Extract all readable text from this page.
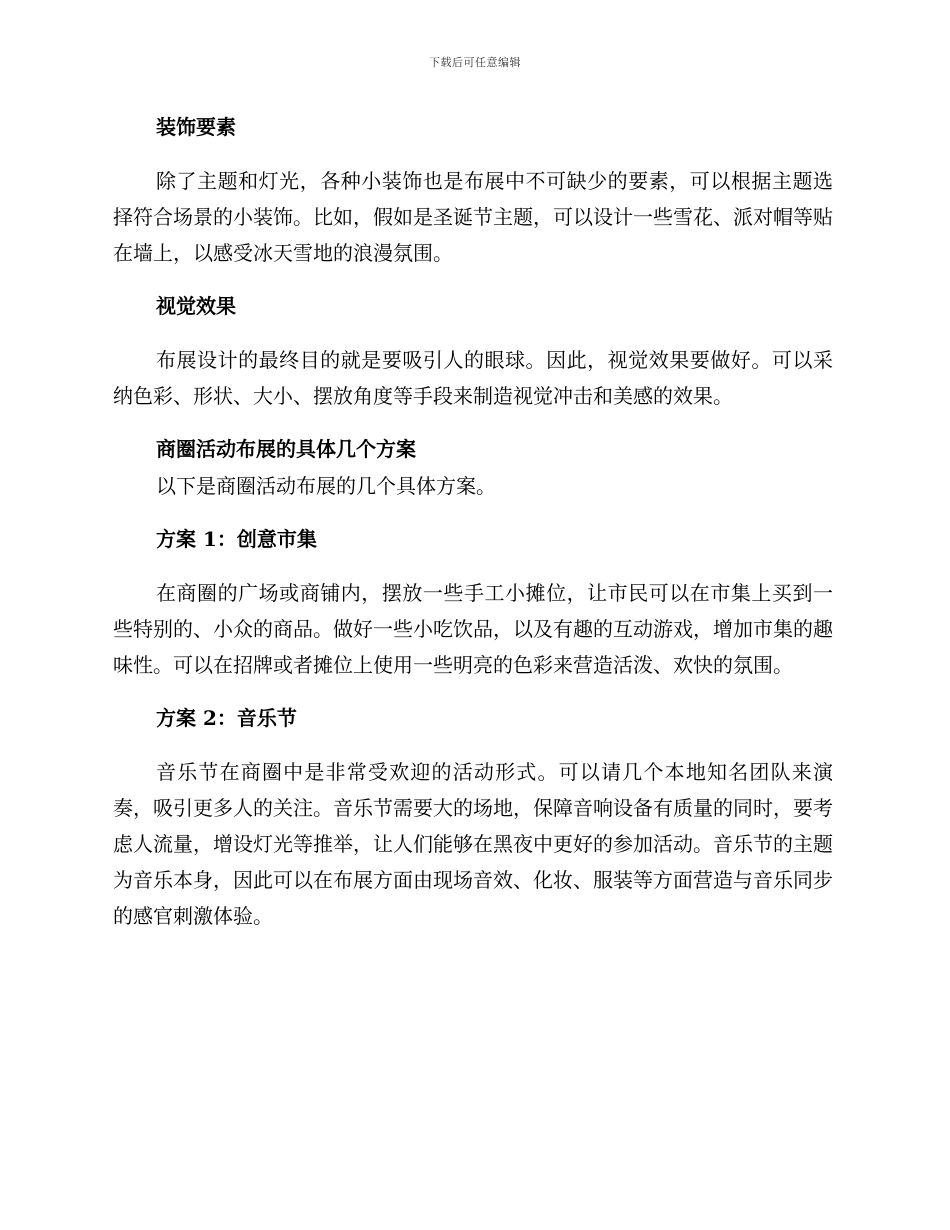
下载后可任意编辑
装饰要素

除了主题和灯光，各种小装饰也是布展中不可缺少的要素，可以根据主题选择符合场景的小装饰。比如，假如是圣诞节主题，可以设计一些雪花、派对帽等贴在墙上，以感受冰天雪地的浪漫氛围。

视觉效果

布展设计的最终目的就是要吸引人的眼球。因此，视觉效果要做好。可以采纳色彩、形状、大小、摆放角度等手段来制造视觉冲击和美感的效果。

商圈活动布展的具体几个方案

以下是商圈活动布展的几个具体方案。

方案 1：创意市集

在商圈的广场或商铺内，摆放一些手工小摊位，让市民可以在市集上买到一些特别的、小众的商品。做好一些小吃饮品，以及有趣的互动游戏，增加市集的趣味性。可以在招牌或者摊位上使用一些明亮的色彩来营造活泼、欢快的氛围。

方案 2：音乐节

音乐节在商圈中是非常受欢迎的活动形式。可以请几个本地知名团队来演奏，吸引更多人的关注。音乐节需要大的场地，保障音响设备有质量的同时，要考虑人流量，增设灯光等推举，让人们能够在黑夜中更好的参加活动。音乐节的主题为音乐本身，因此可以在布展方面由现场音效、化妆、服装等方面营造与音乐同步的感官刺激体验。
